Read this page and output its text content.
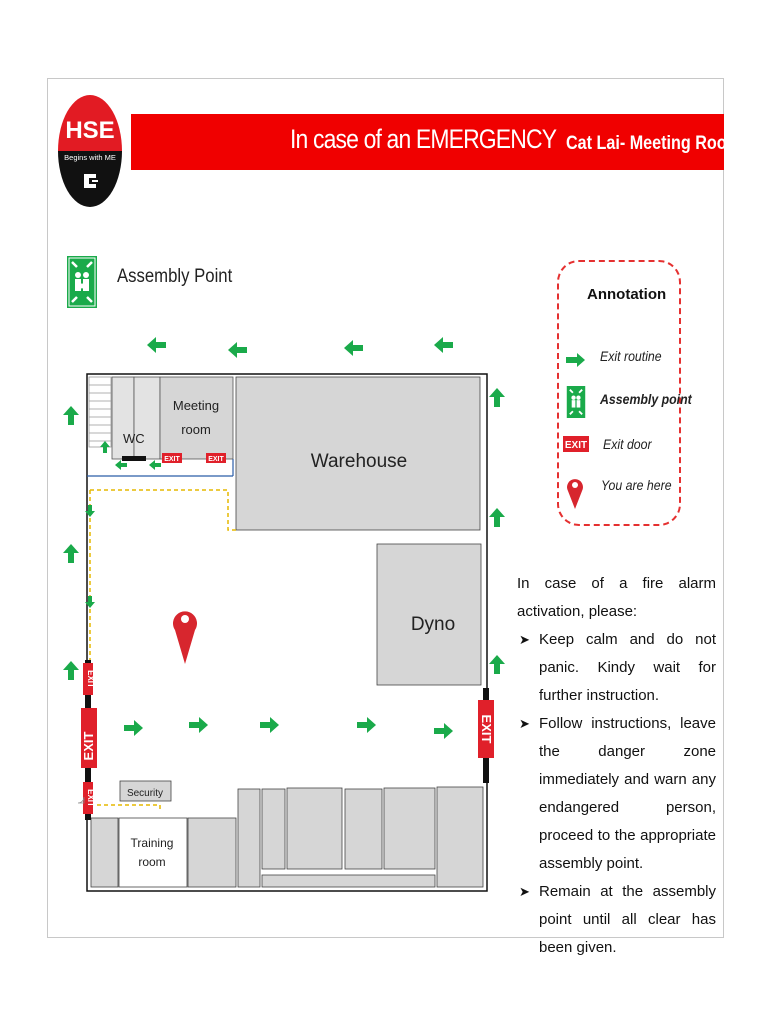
HSE
Begins with ME
In case of an EMERGENCY Cat Lai- Meeting Room
Assembly Point
Annotation
Exit routine
Assembly point
EXIT Exit door
You are here
WC
Meeting
room
Warehouse
Dyno
Security
Training
room
EXIT	EXIT
EXIT
EXIT
EXIT
EXIT
In case of a fire alarm activation, please:
➤ Keep calm and do not panic. Kindy wait for further instruction.
➤ Follow instructions, leave the danger zone immediately and warn any endangered person, proceed to the appropriate assembly point.
➤ Remain at the assembly point until all clear has been given.
